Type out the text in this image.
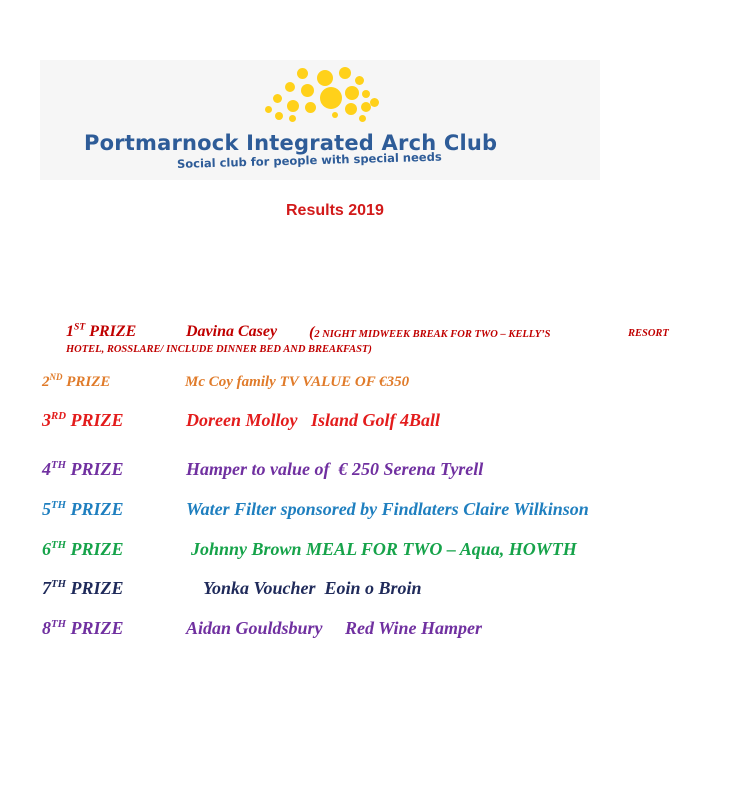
Portmarnock Integrated Arch Club
Social club for people with special needs
Results 2019
1ST PRIZE	Davina Casey (2 NIGHT MIDWEEK BREAK FOR TWO – KELLY’S	RESORT
HOTEL, ROSSLARE/ INCLUDE DINNER BED AND BREAKFAST)
2ND PRIZE	Mc Coy family TV VALUE OF €350
3RD PRIZE	Doreen Molloy   Island Golf 4Ball
4TH PRIZE	Hamper to value of  € 250 Serena Tyrell
5TH PRIZE	Water Filter sponsored by Findlaters Claire Wilkinson
6TH PRIZE	Johnny Brown MEAL FOR TWO – Aqua, HOWTH
7TH PRIZE	Yonka Voucher  Eoin o Broin
8TH PRIZE	Aidan Gouldsbury     Red Wine Hamper
